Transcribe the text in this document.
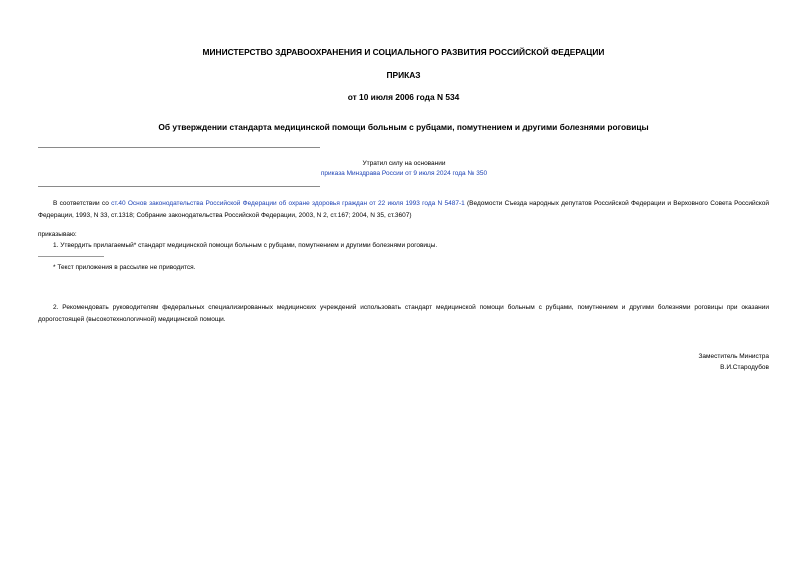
МИНИСТЕРСТВО ЗДРАВООХРАНЕНИЯ И СОЦИАЛЬНОГО РАЗВИТИЯ РОССИЙСКОЙ ФЕДЕРАЦИИ
ПРИКАЗ
от 10 июля 2006 года N 534
Об утверждении стандарта медицинской помощи больным с рубцами, помутнением и другими болезнями роговицы
Утратил силу на основании
приказа Минздрава России от 9 июля 2024 года № 350
В соответствии со ст.40 Основ законодательства Российской Федерации об охране здоровья граждан от 22 июля 1993 года N 5487-1 (Ведомости Съезда народных депутатов Российской Федерации и Верховного Совета Российской Федерации, 1993, N 33, ст.1318; Собрание законодательства Российской Федерации, 2003, N 2, ст.167; 2004, N 35, ст.3607)
приказываю:
1. Утвердить прилагаемый* стандарт медицинской помощи больным с рубцами, помутнением и другими болезнями роговицы.
* Текст приложения в рассылке не приводится.
2. Рекомендовать руководителям федеральных специализированных медицинских учреждений использовать стандарт медицинской помощи больным с рубцами, помутнением и другими болезнями роговицы при оказании дорогостоящей (высокотехнологичной) медицинской помощи.
Заместитель Министра
В.И.Стародубов
